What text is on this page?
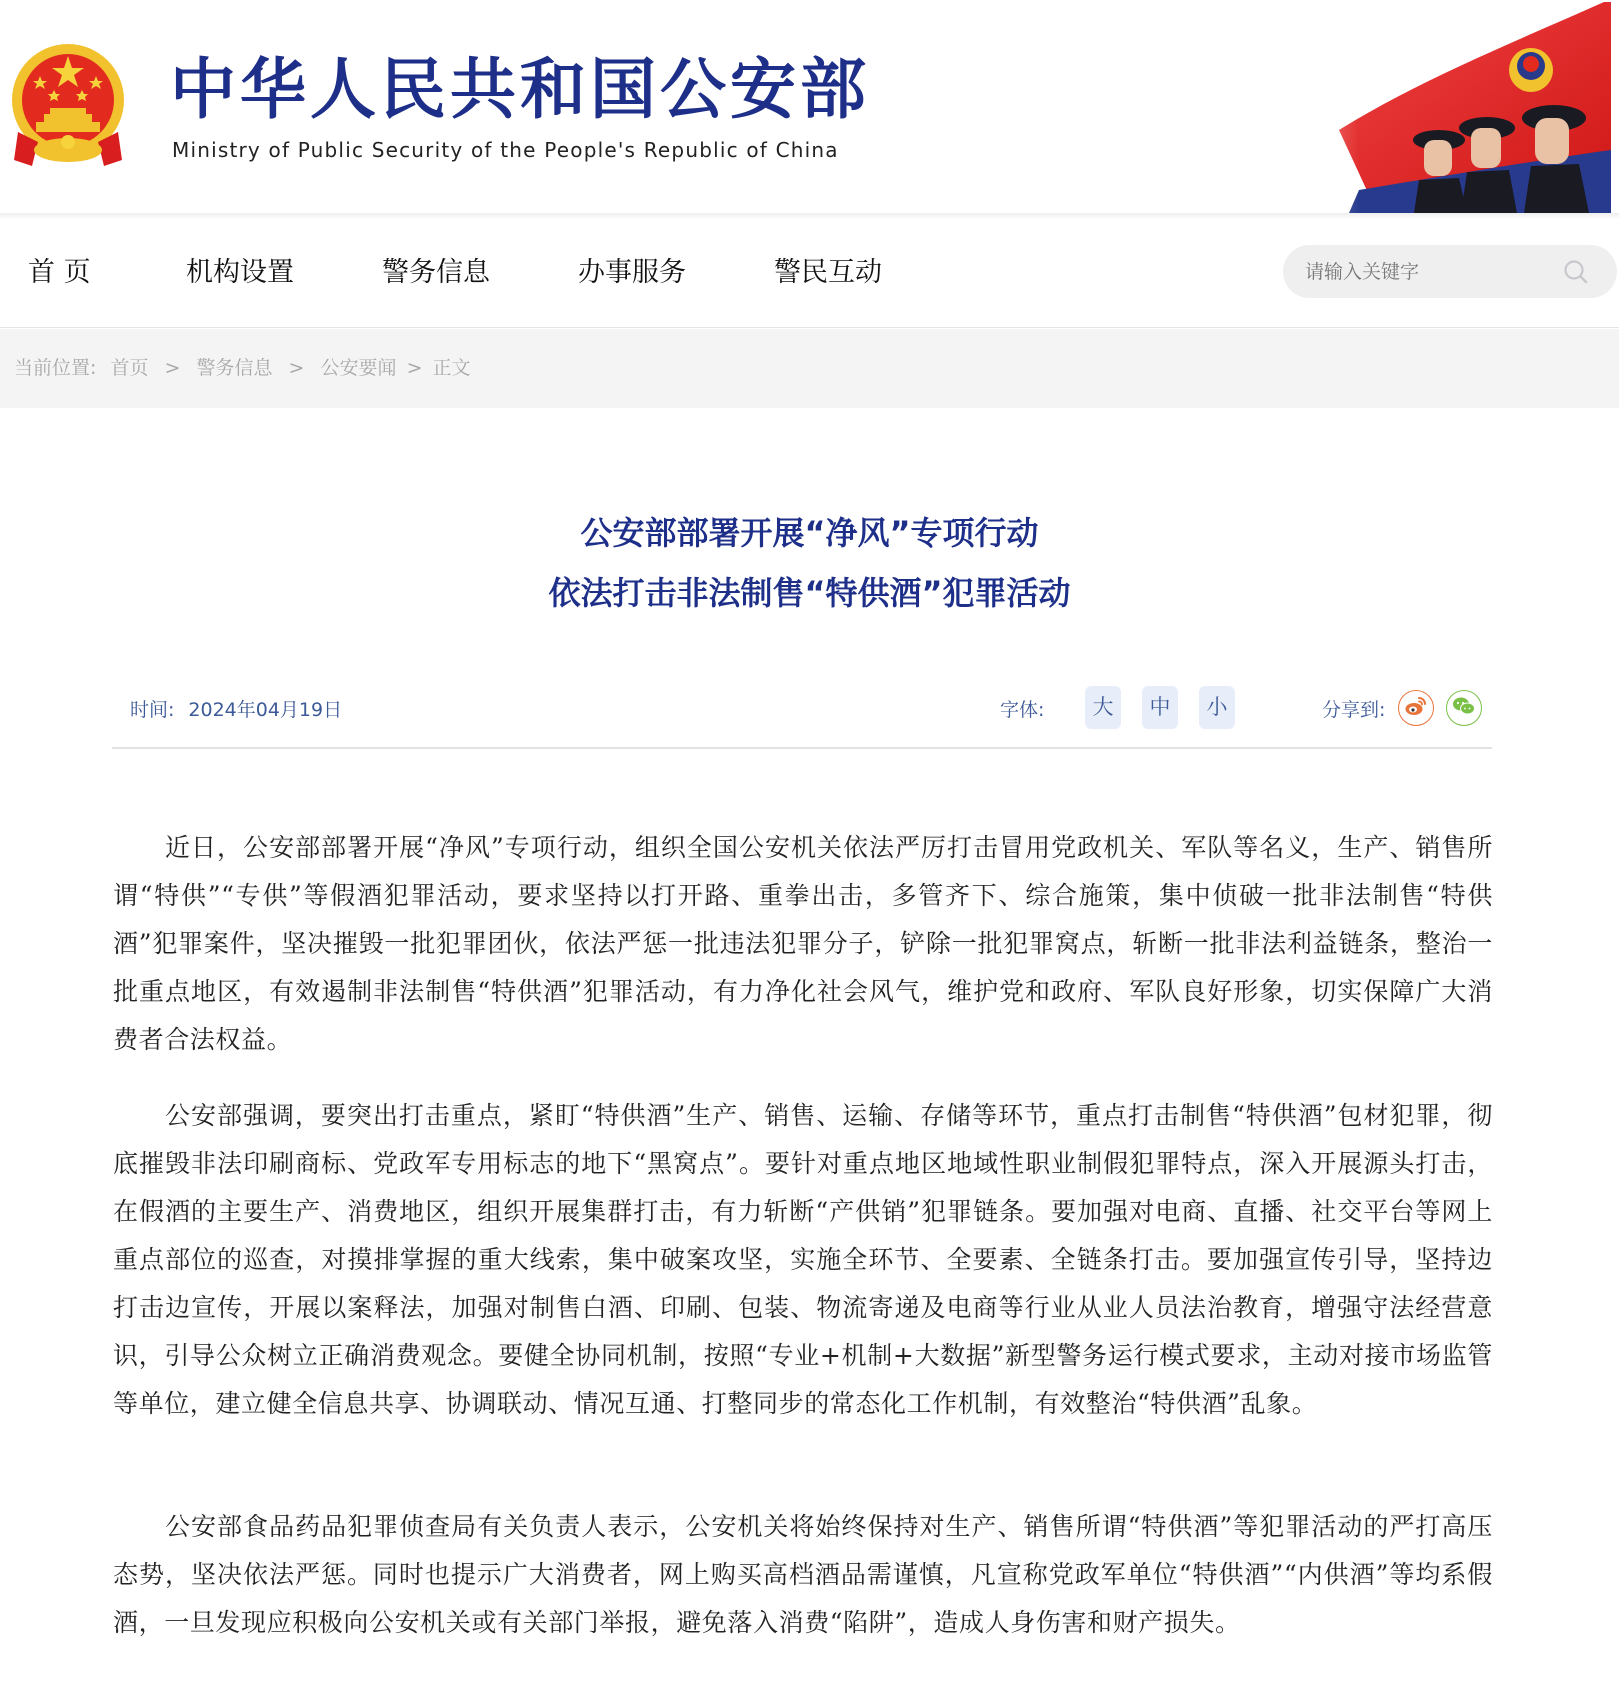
中华人民共和国公安部
Ministry of Public Security of the People's Republic of China
首 页	机构设置	警务信息	办事服务	警民互动
请输入关键字
当前位置: 首页 > 警务信息 > 公安要闻 > 正文
公安部部署开展“净风”专项行动
依法打击非法制售“特供酒”犯罪活动
时间: 2024年04月19日	字体:	大	中	小	分享到:

近日，公安部部署开展“净风”专项行动，组织全国公安机关依法严厉打击冒用党政机关、军队等名义，生产、销售所谓“特供”“专供”等假酒犯罪活动，要求坚持以打开路、重拳出击，多管齐下、综合施策，集中侦破一批非法制售“特供酒”犯罪案件，坚决摧毁一批犯罪团伙，依法严惩一批违法犯罪分子，铲除一批犯罪窝点，斩断一批非法利益链条，整治一批重点地区，有效遏制非法制售“特供酒”犯罪活动，有力净化社会风气，维护党和政府、军队良好形象，切实保障广大消费者合法权益。

公安部强调，要突出打击重点，紧盯“特供酒”生产、销售、运输、存储等环节，重点打击制售“特供酒”包材犯罪，彻底摧毁非法印刷商标、党政军专用标志的地下“黑窝点”。要针对重点地区地域性职业制假犯罪特点，深入开展源头打击，在假酒的主要生产、消费地区，组织开展集群打击，有力斩断“产供销”犯罪链条。要加强对电商、直播、社交平台等网上重点部位的巡查，对摸排掌握的重大线索，集中破案攻坚，实施全环节、全要素、全链条打击。要加强宣传引导，坚持边打击边宣传，开展以案释法，加强对制售白酒、印刷、包装、物流寄递及电商等行业从业人员法治教育，增强守法经营意识，引导公众树立正确消费观念。要健全协同机制，按照“专业+机制+大数据”新型警务运行模式要求，主动对接市场监管等单位，建立健全信息共享、协调联动、情况互通、打整同步的常态化工作机制，有效整治“特供酒”乱象。

公安部食品药品犯罪侦查局有关负责人表示，公安机关将始终保持对生产、销售所谓“特供酒”等犯罪活动的严打高压态势，坚决依法严惩。同时也提示广大消费者，网上购买高档酒品需谨慎，凡宣称党政军单位“特供酒”“内供酒”等均系假酒，一旦发现应积极向公安机关或有关部门举报，避免落入消费“陷阱”，造成人身伤害和财产损失。
